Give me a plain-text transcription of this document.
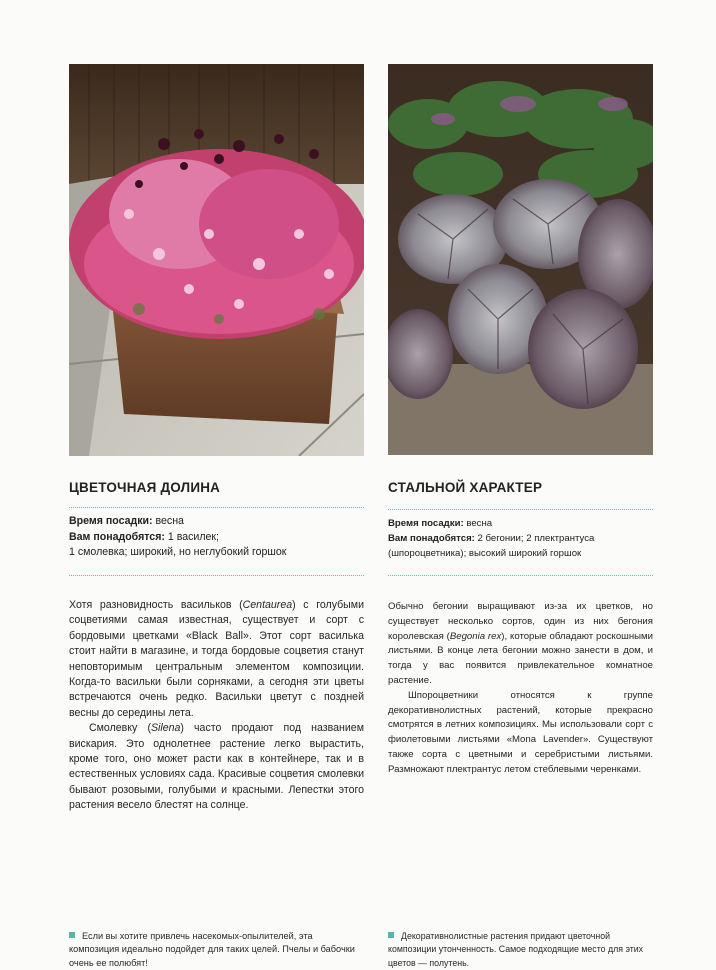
ЦВЕТОЧНАЯ ДОЛИНА
Время посадки: весна
Вам понадобятся: 1 василек;
1 смолевка; широкий, но неглубокий горшок

Хотя разновидность васильков (Centaurea) с голубыми соцветиями самая известная, существует и сорт с бордовыми цветками «Black Ball». Этот сорт василька стоит найти в магазине, и тогда бордовые соцветия станут неповторимым центральным элементом композиции. Когда-то васильки были сорняками, а сегодня эти цветы встречаются очень редко. Васильки цветут с поздней весны до середины лета.

Смолевку (Silena) часто продают под названием вискария. Это однолетнее растение легко вырастить, кроме того, оно может расти как в контейнере, так и в естественных условиях сада. Красивые соцветия смолевки бывают розовыми, голубыми и красными. Лепестки этого растения весело блестят на солнце.

Если вы хотите привлечь насекомых-опылителей, эта композиция идеально подойдет для таких целей. Пчелы и бабочки очень ее полюбят!
СТАЛЬНОЙ ХАРАКТЕР
Время посадки: весна
Вам понадобятся: 2 бегонии; 2 плектрантуса
(шпороцветника); высокий широкий горшок

Обычно бегонии выращивают из-за их цветков, но существует несколько сортов, один из них бегония королевская (Begonia rex), которые обладают роскошными листьями. В конце лета бегонии можно занести в дом, и тогда у вас появится привлекательное комнатное растение.

Шпороцветники относятся к группе декоративнолистных растений, которые прекрасно смотрятся в летних композициях. Мы использовали сорт с фиолетовыми листьями «Mona Lavender». Существуют также сорта с цветными и серебристыми листьями. Размножают плектрантус летом стеблевыми черенками.

Декоративнолистные растения придают цветочной композиции утонченность. Самое подходящие место для этих цветов — полутень.
